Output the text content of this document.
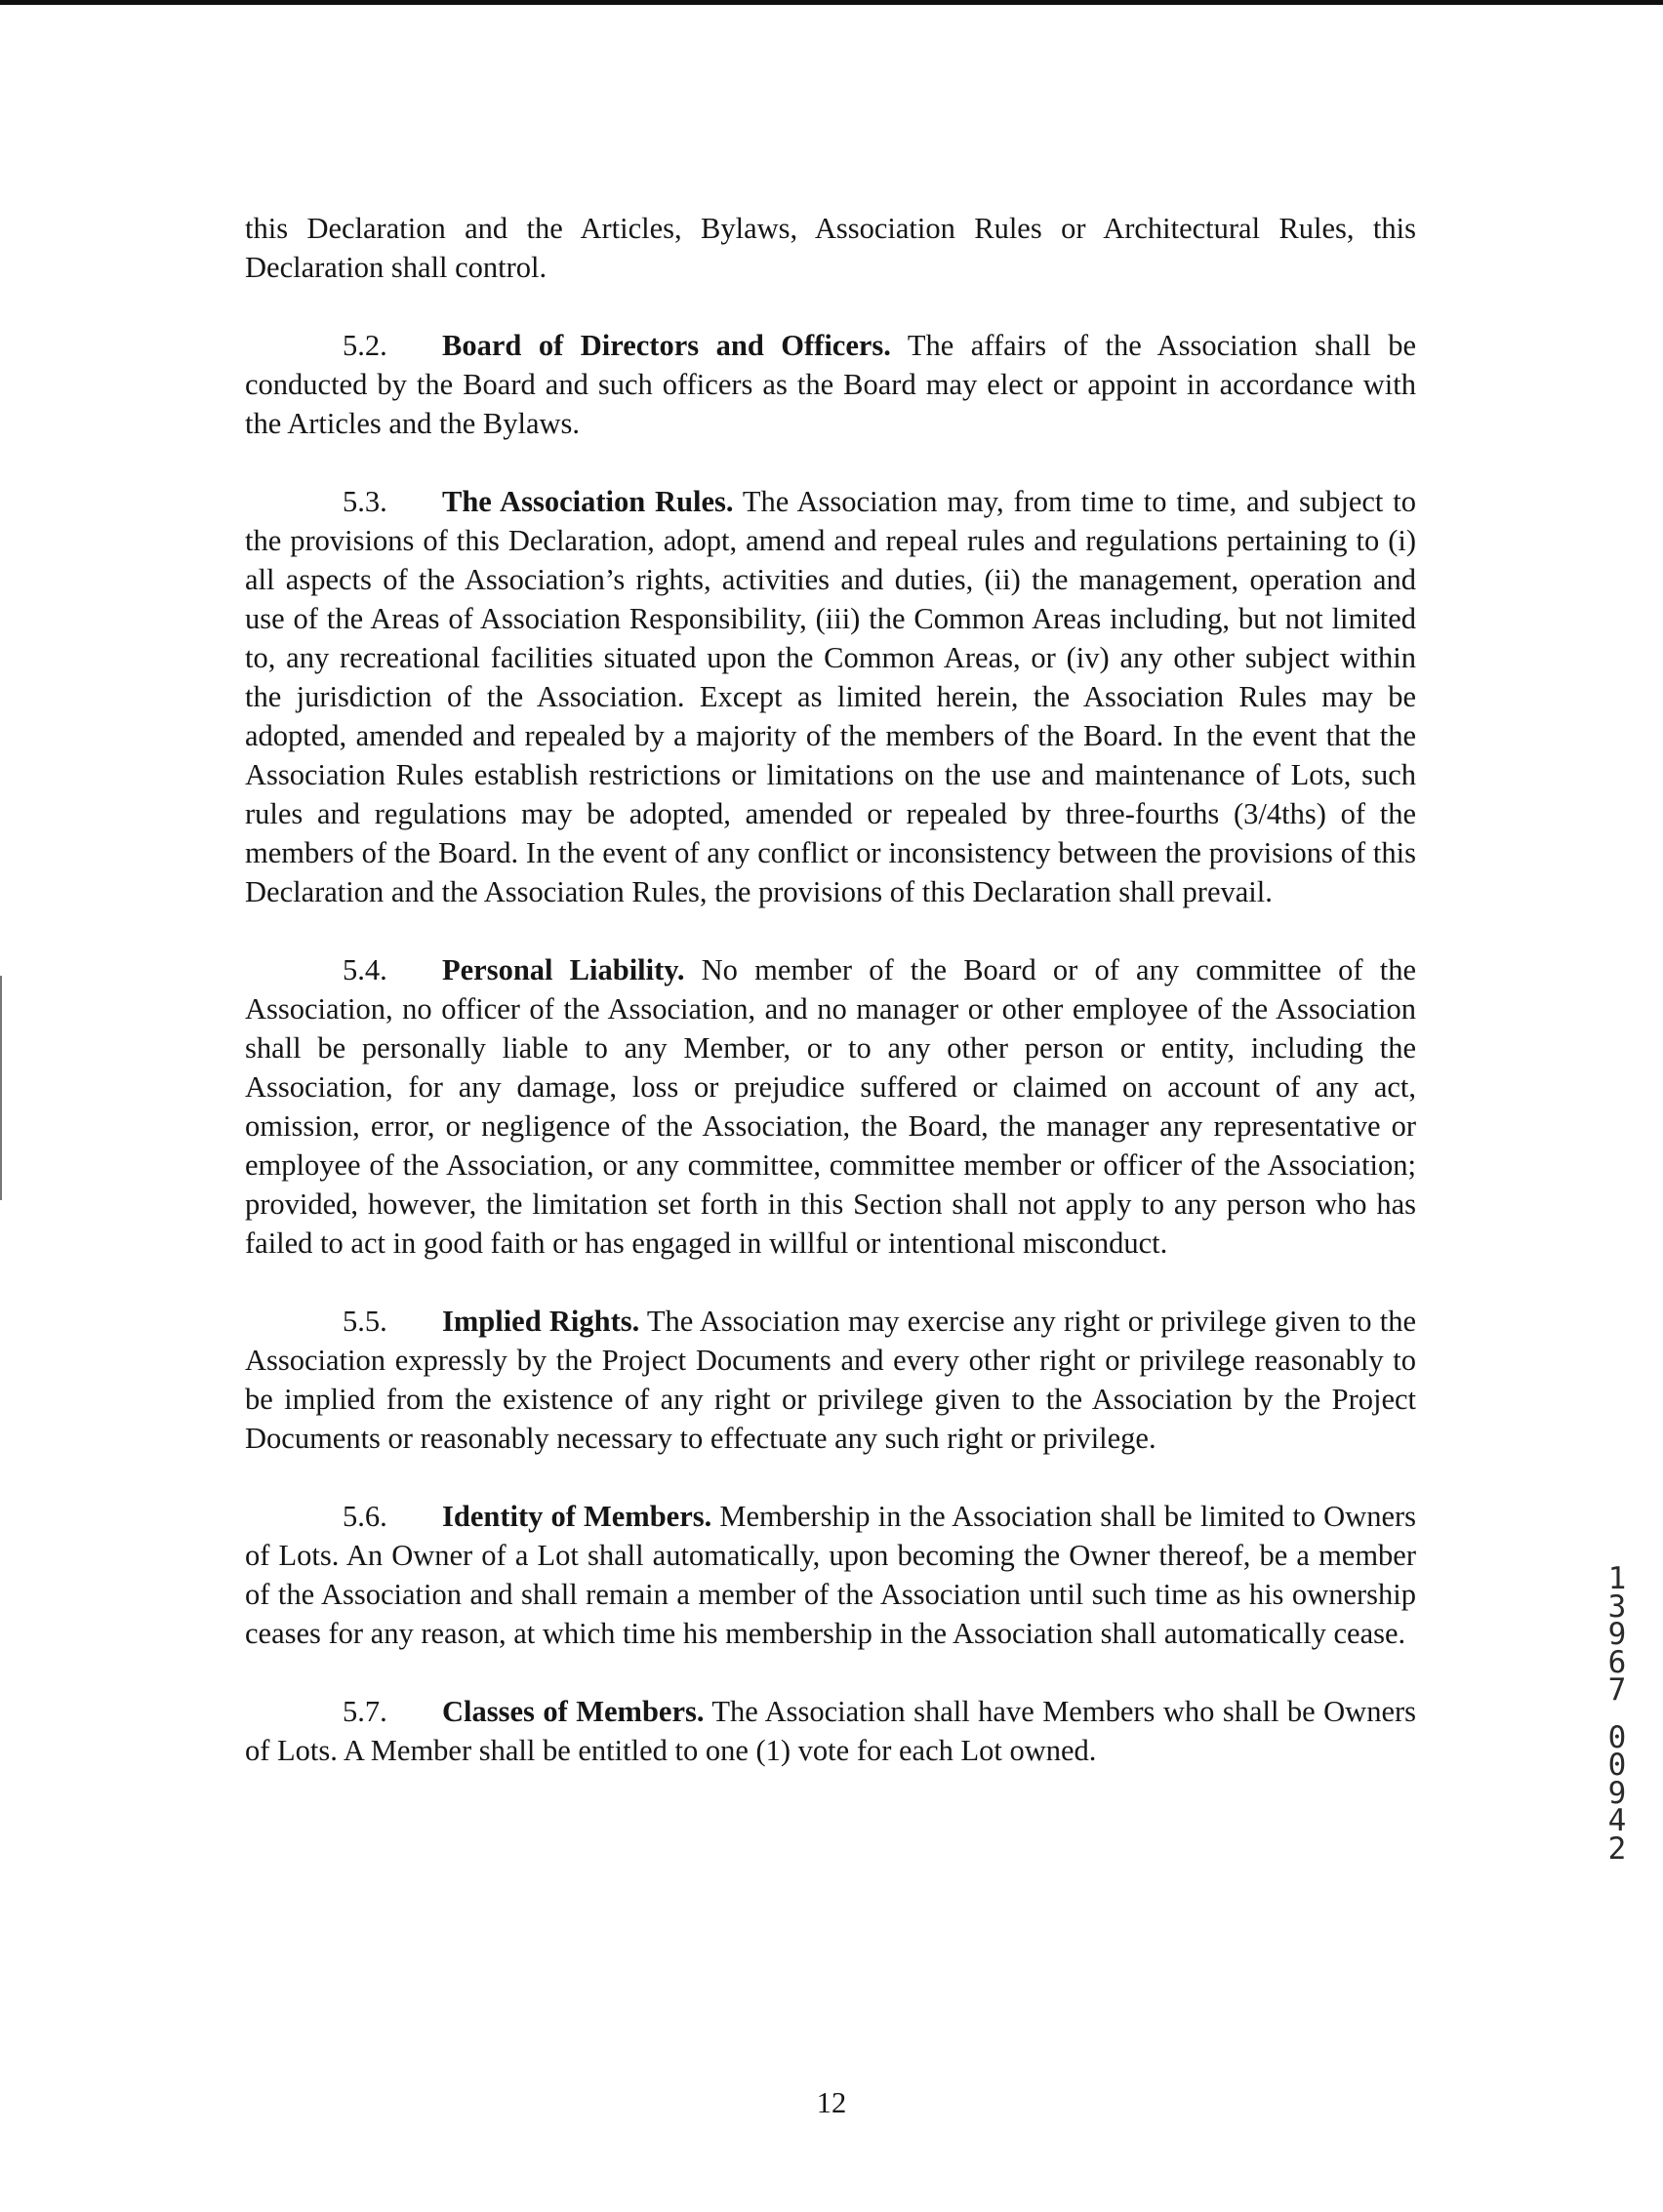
this Declaration and the Articles, Bylaws, Association Rules or Architectural Rules, this Declaration shall control.

5.2. Board of Directors and Officers. The affairs of the Association shall be conducted by the Board and such officers as the Board may elect or appoint in accordance with the Articles and the Bylaws.

5.3. The Association Rules. The Association may, from time to time, and subject to the provisions of this Declaration, adopt, amend and repeal rules and regulations pertaining to (i) all aspects of the Association’s rights, activities and duties, (ii) the management, operation and use of the Areas of Association Responsibility, (iii) the Common Areas including, but not limited to, any recreational facilities situated upon the Common Areas, or (iv) any other subject within the jurisdiction of the Association. Except as limited herein, the Association Rules may be adopted, amended and repealed by a majority of the members of the Board. In the event that the Association Rules establish restrictions or limitations on the use and maintenance of Lots, such rules and regulations may be adopted, amended or repealed by three-fourths (3/4ths) of the members of the Board. In the event of any conflict or inconsistency between the provisions of this Declaration and the Association Rules, the provisions of this Declaration shall prevail.

5.4. Personal Liability. No member of the Board or of any committee of the Association, no officer of the Association, and no manager or other employee of the Association shall be personally liable to any Member, or to any other person or entity, including the Association, for any damage, loss or prejudice suffered or claimed on account of any act, omission, error, or negligence of the Association, the Board, the manager any representative or employee of the Association, or any committee, committee member or officer of the Association; provided, however, the limitation set forth in this Section shall not apply to any person who has failed to act in good faith or has engaged in willful or intentional misconduct.

5.5. Implied Rights. The Association may exercise any right or privilege given to the Association expressly by the Project Documents and every other right or privilege reasonably to be implied from the existence of any right or privilege given to the Association by the Project Documents or reasonably necessary to effectuate any such right or privilege.

5.6. Identity of Members. Membership in the Association shall be limited to Owners of Lots. An Owner of a Lot shall automatically, upon becoming the Owner thereof, be a member of the Association and shall remain a member of the Association until such time as his ownership ceases for any reason, at which time his membership in the Association shall automatically cease.

5.7. Classes of Members. The Association shall have Members who shall be Owners of Lots. A Member shall be entitled to one (1) vote for each Lot owned.

13967
00942
12
